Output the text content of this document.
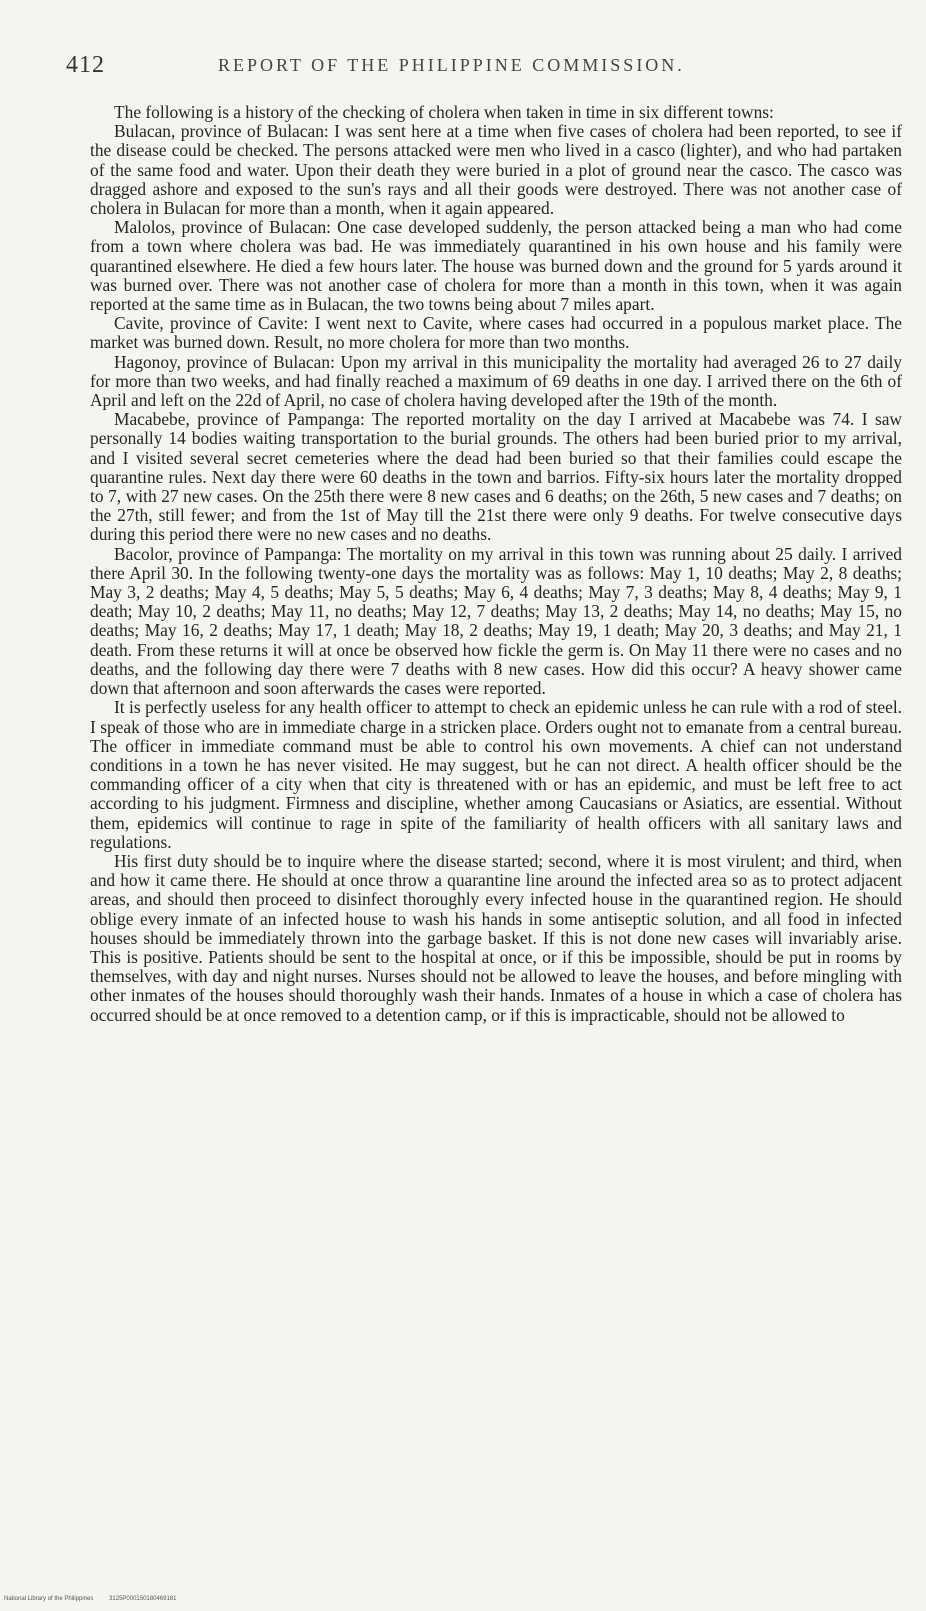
412	REPORT OF THE PHILIPPINE COMMISSION.

The following is a history of the checking of cholera when taken in time in six different towns:

Bulacan, province of Bulacan: I was sent here at a time when five cases of cholera had been reported, to see if the disease could be checked. The persons attacked were men who lived in a casco (lighter), and who had partaken of the same food and water. Upon their death they were buried in a plot of ground near the casco. The casco was dragged ashore and exposed to the sun's rays and all their goods were destroyed. There was not another case of cholera in Bulacan for more than a month, when it again appeared.

Malolos, province of Bulacan: One case developed suddenly, the person attacked being a man who had come from a town where cholera was bad. He was immediately quarantined in his own house and his family were quarantined elsewhere. He died a few hours later. The house was burned down and the ground for 5 yards around it was burned over. There was not another case of cholera for more than a month in this town, when it was again reported at the same time as in Bulacan, the two towns being about 7 miles apart.

Cavite, province of Cavite: I went next to Cavite, where cases had occurred in a populous market place. The market was burned down. Result, no more cholera for more than two months.

Hagonoy, province of Bulacan: Upon my arrival in this municipality the mortality had averaged 26 to 27 daily for more than two weeks, and had finally reached a maximum of 69 deaths in one day. I arrived there on the 6th of April and left on the 22d of April, no case of cholera having developed after the 19th of the month.

Macabebe, province of Pampanga: The reported mortality on the day I arrived at Macabebe was 74. I saw personally 14 bodies waiting transportation to the burial grounds. The others had been buried prior to my arrival, and I visited several secret cemeteries where the dead had been buried so that their families could escape the quarantine rules. Next day there were 60 deaths in the town and barrios. Fifty-six hours later the mortality dropped to 7, with 27 new cases. On the 25th there were 8 new cases and 6 deaths; on the 26th, 5 new cases and 7 deaths; on the 27th, still fewer; and from the 1st of May till the 21st there were only 9 deaths. For twelve consecutive days during this period there were no new cases and no deaths.

Bacolor, province of Pampanga: The mortality on my arrival in this town was running about 25 daily. I arrived there April 30. In the following twenty-one days the mortality was as follows: May 1, 10 deaths; May 2, 8 deaths; May 3, 2 deaths; May 4, 5 deaths; May 5, 5 deaths; May 6, 4 deaths; May 7, 3 deaths; May 8, 4 deaths; May 9, 1 death; May 10, 2 deaths; May 11, no deaths; May 12, 7 deaths; May 13, 2 deaths; May 14, no deaths; May 15, no deaths; May 16, 2 deaths; May 17, 1 death; May 18, 2 deaths; May 19, 1 death; May 20, 3 deaths; and May 21, 1 death. From these returns it will at once be observed how fickle the germ is. On May 11 there were no cases and no deaths, and the following day there were 7 deaths with 8 new cases. How did this occur? A heavy shower came down that afternoon and soon afterwards the cases were reported.

It is perfectly useless for any health officer to attempt to check an epidemic unless he can rule with a rod of steel. I speak of those who are in immediate charge in a stricken place. Orders ought not to emanate from a central bureau. The officer in immediate command must be able to control his own movements. A chief can not understand conditions in a town he has never visited. He may suggest, but he can not direct. A health officer should be the commanding officer of a city when that city is threatened with or has an epidemic, and must be left free to act according to his judgment. Firmness and discipline, whether among Caucasians or Asiatics, are essential. Without them, epidemics will continue to rage in spite of the familiarity of health officers with all sanitary laws and regulations.

His first duty should be to inquire where the disease started; second, where it is most virulent; and third, when and how it came there. He should at once throw a quarantine line around the infected area so as to protect adjacent areas, and should then proceed to disinfect thoroughly every infected house in the quarantined region. He should oblige every inmate of an infected house to wash his hands in some antiseptic solution, and all food in infected houses should be immediately thrown into the garbage basket. If this is not done new cases will invariably arise. This is positive. Patients should be sent to the hospital at once, or if this be impossible, should be put in rooms by themselves, with day and night nurses. Nurses should not be allowed to leave the houses, and before mingling with other inmates of the houses should thoroughly wash their hands. Inmates of a house in which a case of cholera has occurred should be at once removed to a detention camp, or if this is impracticable, should not be allowed to

National Library of the Philippines	3125P000150180469181
